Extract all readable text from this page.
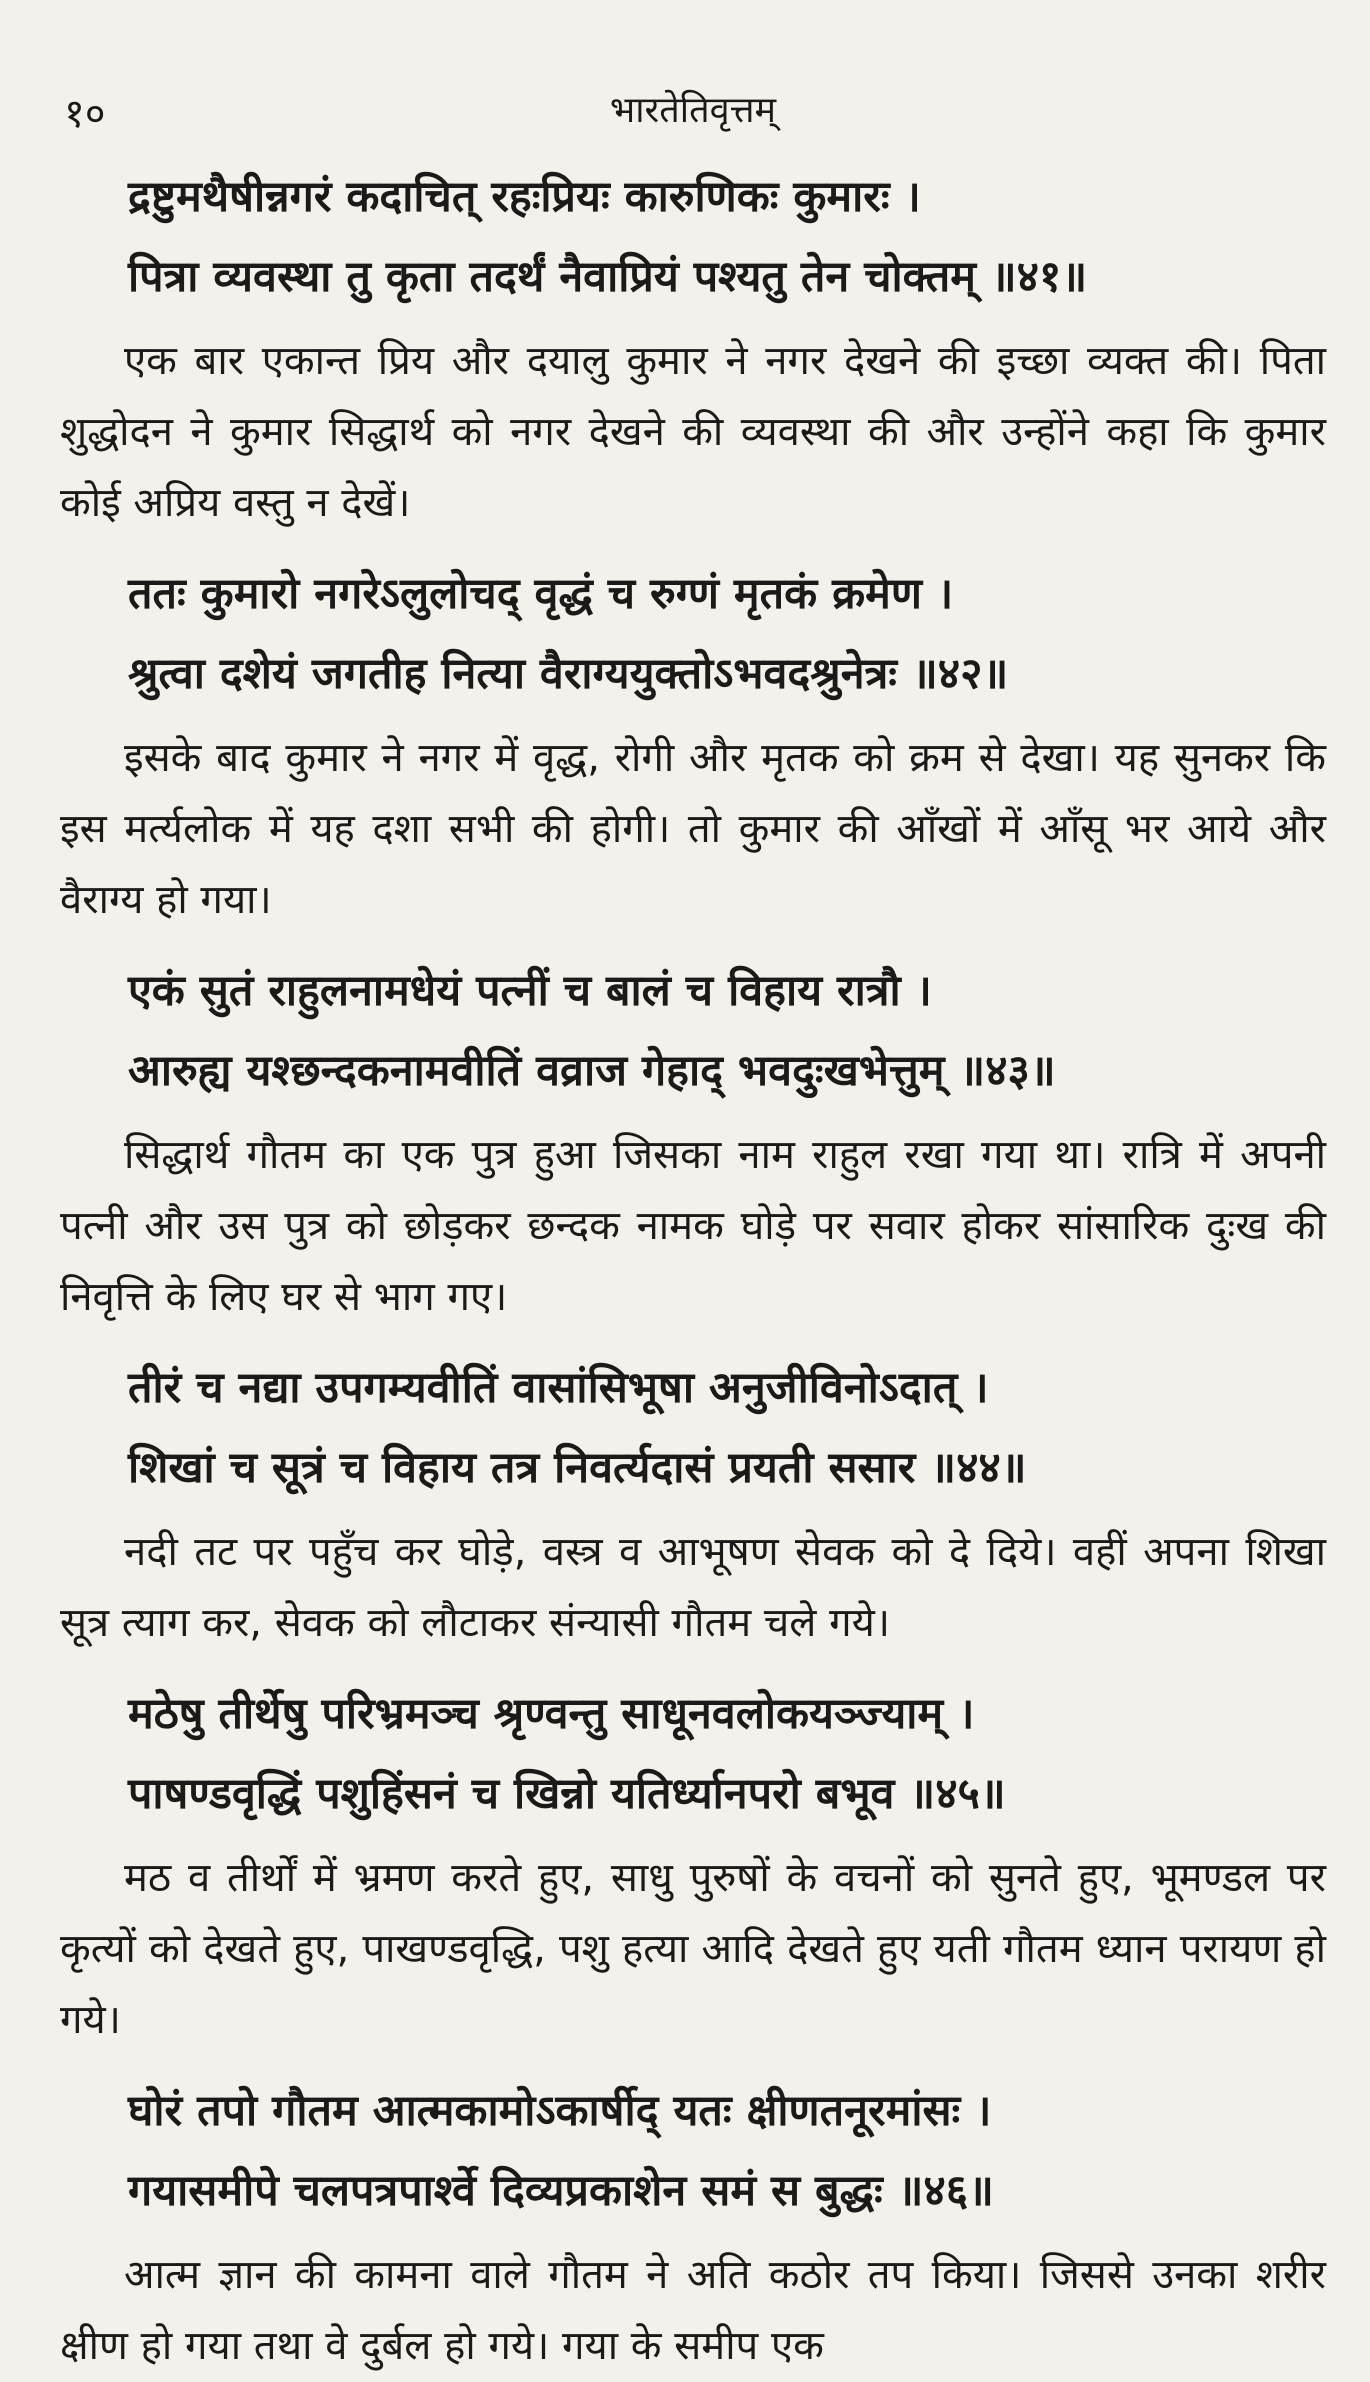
१०	भारतेतिवृत्तम्
द्रष्टुमथैषीन्नगरं कदाचित् रहःप्रियः कारुणिकः कुमारः ।
पित्रा व्यवस्था तु कृता तदर्थं नैवाप्रियं पश्यतु तेन चोक्तम् ॥४१॥
एक बार एकान्त प्रिय और दयालु कुमार ने नगर देखने की इच्छा व्यक्त की। पिता शुद्धोदन ने कुमार सिद्धार्थ को नगर देखने की व्यवस्था की और उन्होंने कहा कि कुमार कोई अप्रिय वस्तु न देखें।
ततः कुमारो नगरेऽलुलोचद् वृद्धं च रुग्णं मृतकं क्रमेण ।
श्रुत्वा दशेयं जगतीह नित्या वैराग्ययुक्तोऽभवदश्रुनेत्रः ॥४२॥
इसके बाद कुमार ने नगर में वृद्ध, रोगी और मृतक को क्रम से देखा। यह सुनकर कि इस मर्त्यलोक में यह दशा सभी की होगी। तो कुमार की आँखों में आँसू भर आये और वैराग्य हो गया।
एकं सुतं राहुलनामधेयं पत्नीं च बालं च विहाय रात्रौ ।
आरुह्य यश्छन्दकनामवीतिं वव्राज गेहाद् भवदुःखभेत्तुम् ॥४३॥
सिद्धार्थ गौतम का एक पुत्र हुआ जिसका नाम राहुल रखा गया था। रात्रि में अपनी पत्नी और उस पुत्र को छोड़कर छन्दक नामक घोड़े पर सवार होकर सांसारिक दुःख की निवृत्ति के लिए घर से भाग गए।
तीरं च नद्या उपगम्यवीतिं वासांसिभूषा अनुजीविनोऽदात् ।
शिखां च सूत्रं च विहाय तत्र निवर्त्यदासं प्रयती ससार ॥४४॥
नदी तट पर पहुँच कर घोड़े, वस्त्र व आभूषण सेवक को दे दिये। वहीं अपना शिखा सूत्र त्याग कर, सेवक को लौटाकर संन्यासी गौतम चले गये।
मठेषु तीर्थेषु परिभ्रमञ्च श्रृण्वन्तु साधूनवलोकयञ्ज्याम् ।
पाषण्डवृद्धिं पशुहिंसनं च खिन्नो यतिर्ध्यानपरो बभूव ॥४५॥
मठ व तीर्थों में भ्रमण करते हुए, साधु पुरुषों के वचनों को सुनते हुए, भूमण्डल पर कृत्यों को देखते हुए, पाखण्डवृद्धि, पशु हत्या आदि देखते हुए यती गौतम ध्यान परायण हो गये।
घोरं तपो गौतम आत्मकामोऽकार्षीद् यतः क्षीणतनूरमांसः ।
गयासमीपे चलपत्रपार्श्वे दिव्यप्रकाशेन समं स बुद्धः ॥४६॥
आत्म ज्ञान की कामना वाले गौतम ने अति कठोर तप किया। जिससे उनका शरीर क्षीण हो गया तथा वे दुर्बल हो गये। गया के समीप एक
